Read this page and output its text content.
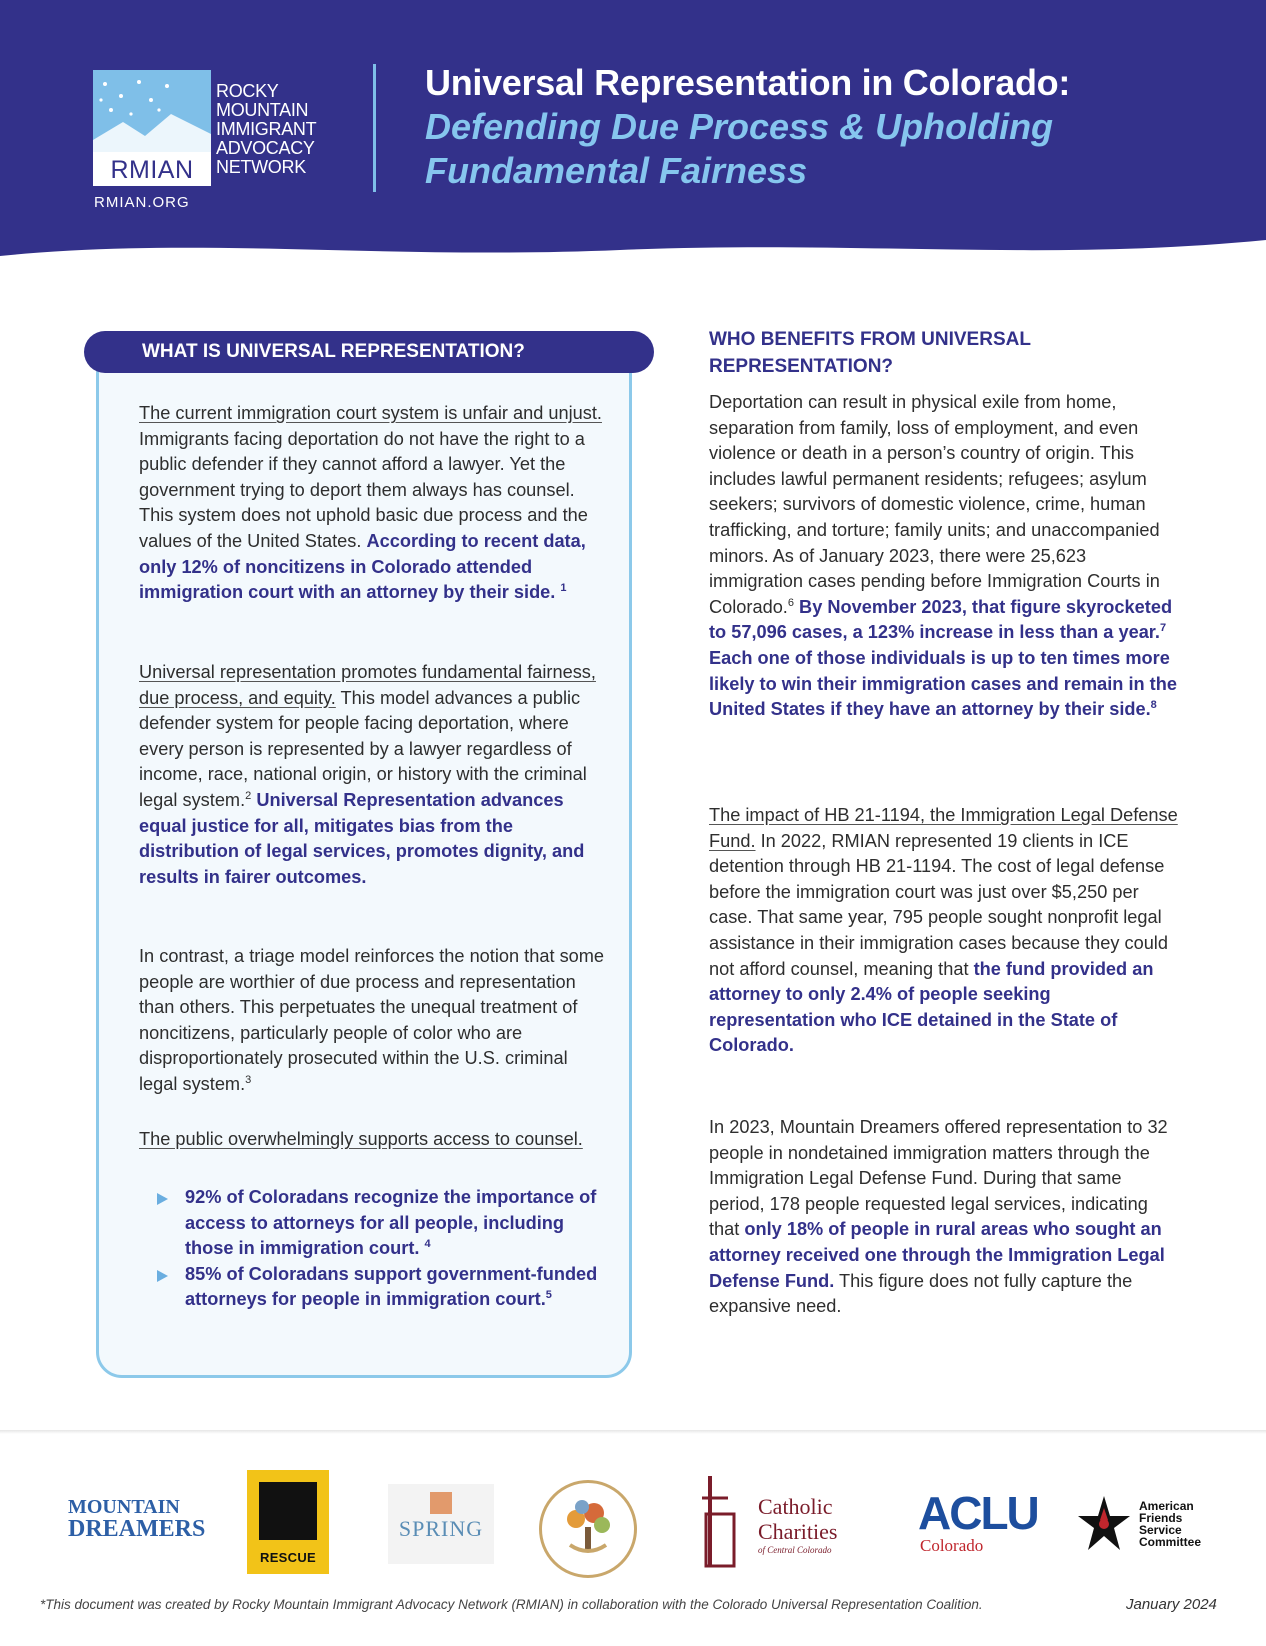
RMIAN
ROCKY
MOUNTAIN
IMMIGRANT
ADVOCACY
NETWORK
RMIAN.ORG
Universal Representation in Colorado:
Defending Due Process & Upholding Fundamental Fairness
WHAT IS UNIVERSAL REPRESENTATION?
The current immigration court system is unfair and unjust. Immigrants facing deportation do not have the right to a public defender if they cannot afford a lawyer. Yet the government trying to deport them always has counsel. This system does not uphold basic due process and the values of the United States. According to recent data, only 12% of noncitizens in Colorado attended immigration court with an attorney by their side. $^1$
Universal representation promotes fundamental fairness, due process, and equity. This model advances a public defender system for people facing deportation, where every person is represented by a lawyer regardless of income, race, national origin, or history with the criminal legal system.$^2$ Universal Representation advances equal justice for all, mitigates bias from the distribution of legal services, promotes dignity, and results in fairer outcomes.
In contrast, a triage model reinforces the notion that some people are worthier of due process and representation than others. This perpetuates the unequal treatment of noncitizens, particularly people of color who are disproportionately prosecuted within the U.S. criminal legal system.$^3$
The public overwhelmingly supports access to counsel.
92% of Coloradans recognize the importance of access to attorneys for all people, including those in immigration court. $^4$
85% of Coloradans support government-funded attorneys for people in immigration court.$^5$
WHO BENEFITS FROM UNIVERSAL REPRESENTATION?
Deportation can result in physical exile from home, separation from family, loss of employment, and even violence or death in a person’s country of origin. This includes lawful permanent residents; refugees; asylum seekers; survivors of domestic violence, crime, human trafficking, and torture; family units; and unaccompanied minors. As of January 2023, there were 25,623 immigration cases pending before Immigration Courts in Colorado.$^6$ By November 2023, that figure skyrocketed to 57,096 cases, a 123% increase in less than a year.$^7$ Each one of those individuals is up to ten times more likely to win their immigration cases and remain in the United States if they have an attorney by their side.$^8$
The impact of HB 21-1194, the Immigration Legal Defense Fund. In 2022, RMIAN represented 19 clients in ICE detention through HB 21-1194. The cost of legal defense before the immigration court was just over $5,250 per case. That same year, 795 people sought nonprofit legal assistance in their immigration cases because they could not afford counsel, meaning that the fund provided an attorney to only 2.4% of people seeking representation who ICE detained in the State of Colorado.
In 2023, Mountain Dreamers offered representation to 32 people in nondetained immigration matters through the Immigration Legal Defense Fund. During that same period, 178 people requested legal services, indicating that only 18% of people in rural areas who sought an attorney received one through the Immigration Legal Defense Fund. This figure does not fully capture the expansive need.
MOUNTAIN
DREAMERS
RESCUE
SPRING
Catholic
Charities
of Central Colorado
ACLU
Colorado
American
Friends
Service
Committee
*This document was created by Rocky Mountain Immigrant Advocacy Network (RMIAN) in collaboration with the Colorado Universal Representation Coalition.	January 2024
